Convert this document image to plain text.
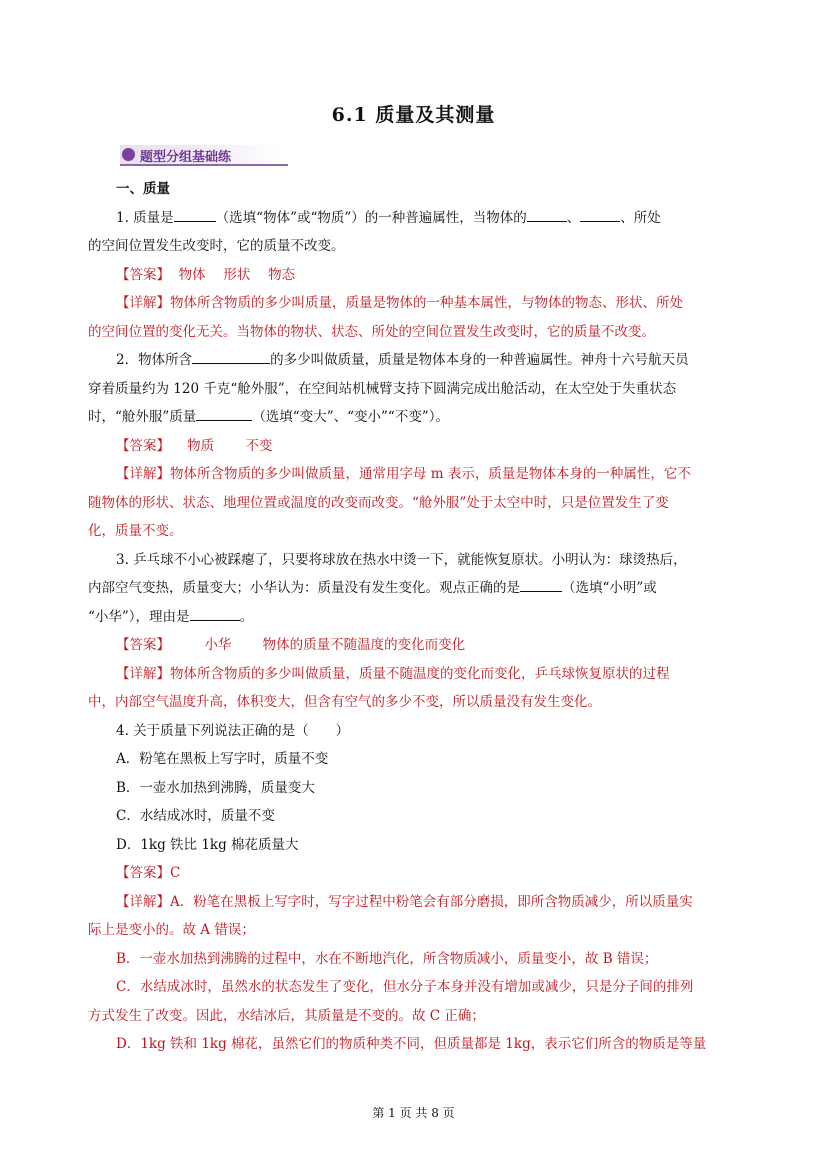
6.1 质量及其测量
题型分组基础练

一、质量

1. 质量是	（选填“物体”或“物质”）的一种普遍属性，当物体的	、	、所处

的空间位置发生改变时，它的质量不改变。

【答案】 物体　 形状　 物态

【详解】物体所含物质的多少叫质量，质量是物体的一种基本属性，与物体的物态、形状、所处

的空间位置的变化无关。当物体的物状、状态、所处的空间位置发生改变时，它的质量不改变。

2．物体所含	的多少叫做质量，质量是物体本身的一种普遍属性。神舟十六号航天员

穿着质量约为 120 千克“舱外服”，在空间站机械臂支持下圆满完成出舱活动，在太空处于失重状态

时，“舱外服”质量	（选填“变大”、“变小”“不变”）。

【答案】 物质　　 不变

【详解】物体所含物质的多少叫做质量，通常用字母 m 表示，质量是物体本身的一种属性，它不

随物体的形状、状态、地理位置或温度的改变而改变。“舱外服”处于太空中时，只是位置发生了变

化，质量不变。

3. 乒乓球不小心被踩瘪了，只要将球放在热水中烫一下，就能恢复原状。小明认为：球烫热后，

内部空气变热，质量变大；小华认为：质量没有发生变化。观点正确的是	（选填“小明”或

“小华”），理由是	。

【答案】	小华　　 物体的质量不随温度的变化而变化

【详解】物体所含物质的多少叫做质量，质量不随温度的变化而变化，乒乓球恢复原状的过程

中，内部空气温度升高，体积变大，但含有空气的多少不变，所以质量没有发生变化。

4. 关于质量下列说法正确的是（　　）

A．粉笔在黑板上写字时，质量不变

B．一壶水加热到沸腾，质量变大

C．水结成冰时，质量不变

D．1kg 铁比 1kg 棉花质量大

【答案】C

【详解】A．粉笔在黑板上写字时，写字过程中粉笔会有部分磨损，即所含物质减少，所以质量实

际上是变小的。故 A 错误；

B．一壶水加热到沸腾的过程中，水在不断地汽化，所含物质减小，质量变小，故 B 错误；

C．水结成冰时，虽然水的状态发生了变化，但水分子本身并没有增加或减少，只是分子间的排列

方式发生了改变。因此，水结冰后，其质量是不变的。故 C 正确；

D．1kg 铁和 1kg 棉花，虽然它们的物质种类不同，但质量都是 1kg，表示它们所含的物质是等量

第 1 页 共 8 页
